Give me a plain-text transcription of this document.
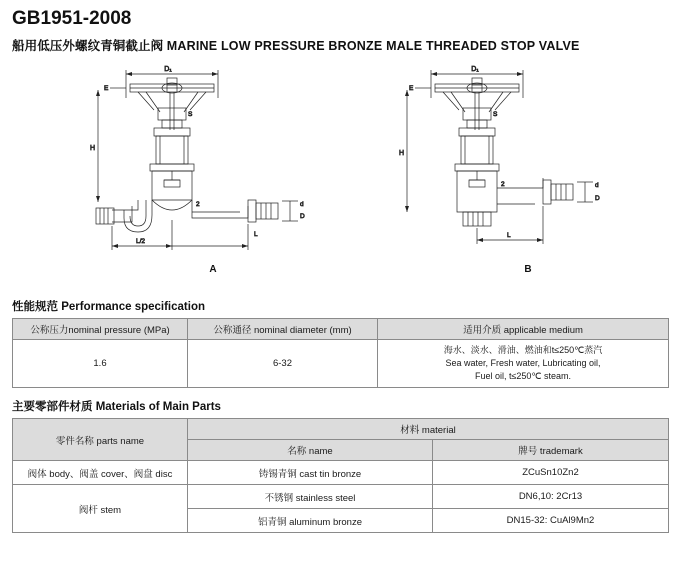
GB1951-2008
船用低压外螺纹青铜截止阀 MARINE LOW PRESSURE BRONZE MALE THREADED STOP VALVE
D₁
d
D
H
E
S
2
L/2
L
A
D₁
d
D
H
E
S
2
L
B
性能规范 Performance specification
公称压力nominal pressure (MPa)	公称通径 nominal diameter (mm)	适用介质 applicable medium
1.6	6-32	海水、淡水、滑油、燃油和t≤250℃蒸汽
Sea water, Fresh water, Lubricating oil,
Fuel oil, t≤250℃ steam.
主要零部件材质 Materials of Main Parts
零件名称 parts name	材料 material	
	名称 name	牌号 trademark
阀体 body、阀盖 cover、阀盘 disc	铸锡青铜 cast tin bronze	ZCuSn10Zn2
阀杆 stem	不锈钢 stainless steel	DN6,10: 2Cr13
	铝青铜 aluminum bronze	DN15-32: CuAl9Mn2
